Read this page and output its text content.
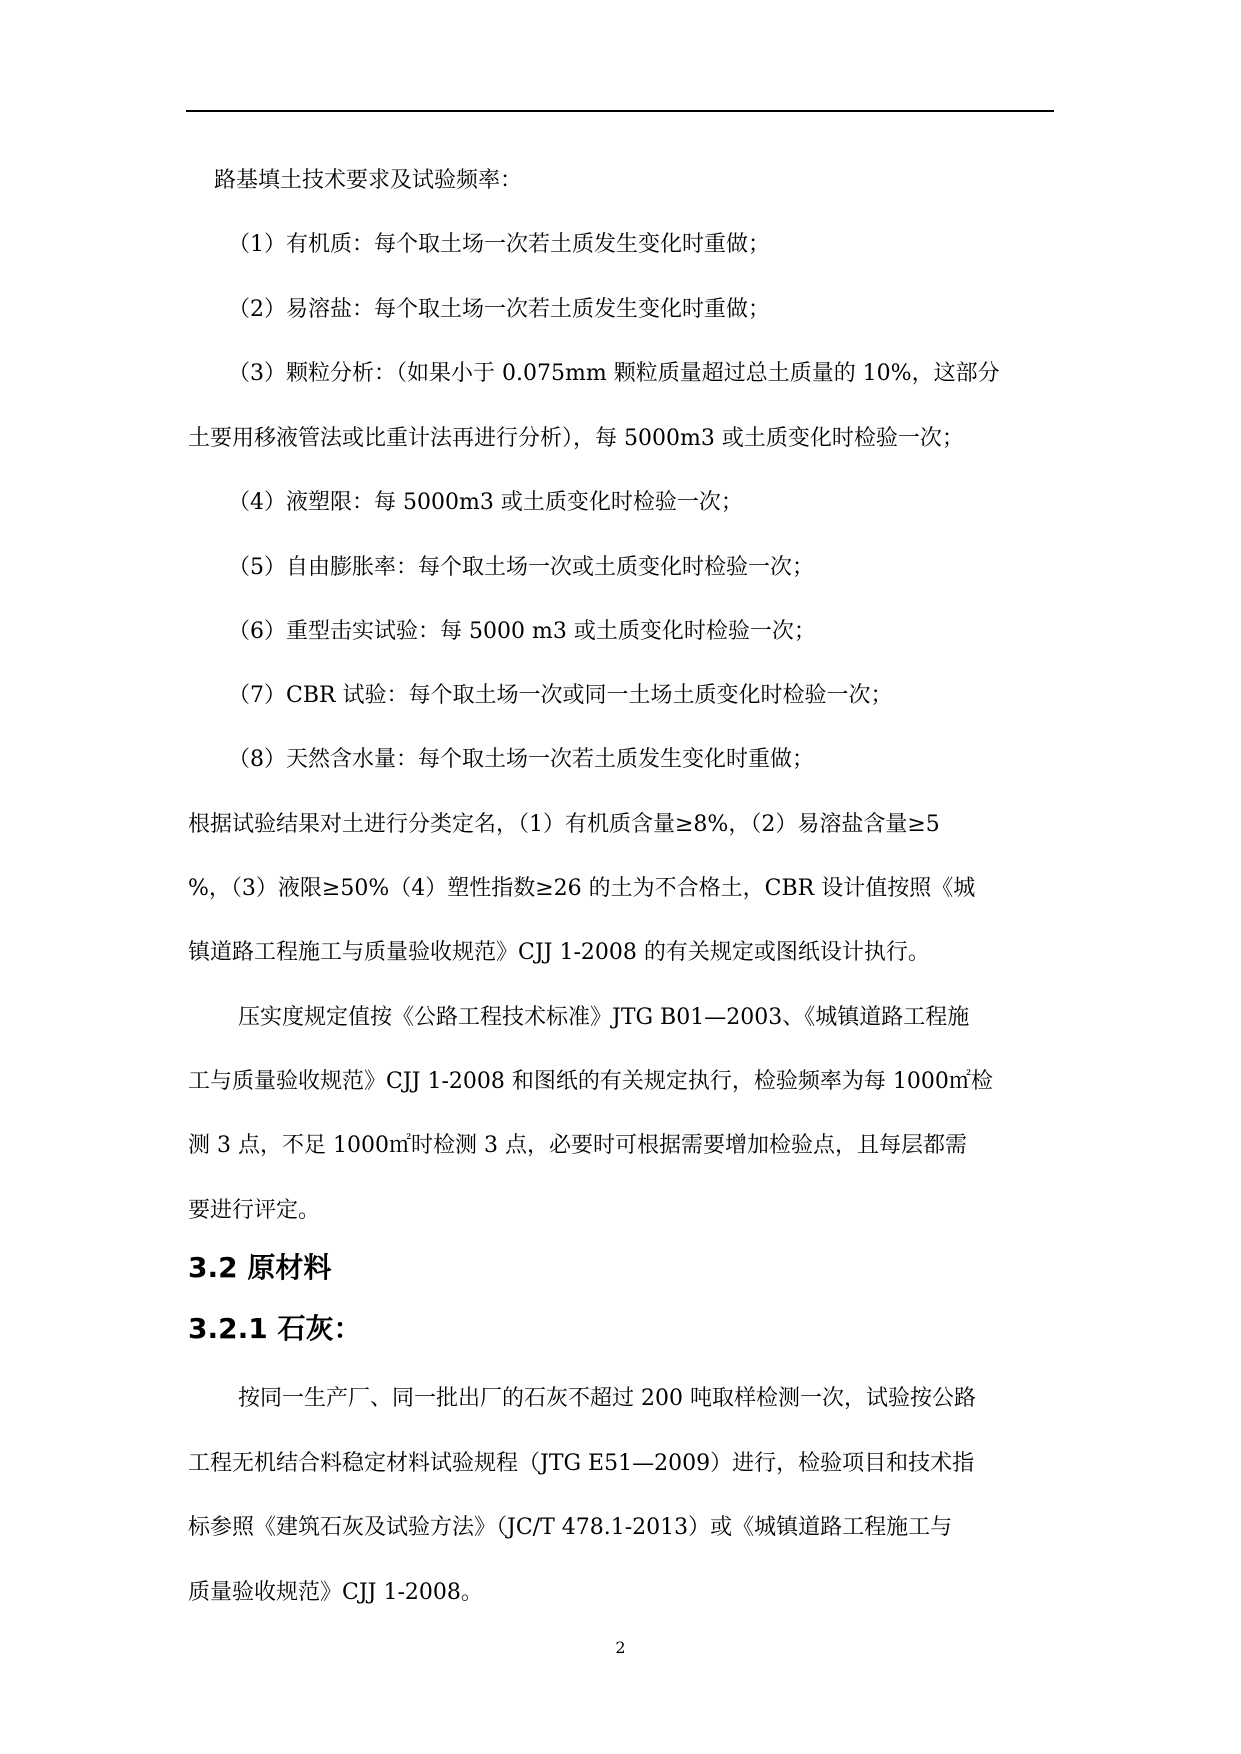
路基填土技术要求及试验频率：
（1）有机质：每个取土场一次若土质发生变化时重做；
（2）易溶盐：每个取土场一次若土质发生变化时重做；
（3）颗粒分析：（如果小于 0.075mm 颗粒质量超过总土质量的 10%，这部分
土要用移液管法或比重计法再进行分析），每 5000m3 或土质变化时检验一次；
（4）液塑限：每 5000m3 或土质变化时检验一次；
（5）自由膨胀率：每个取土场一次或土质变化时检验一次；
（6）重型击实试验：每 5000 m3 或土质变化时检验一次；
（7）CBR 试验：每个取土场一次或同一土场土质变化时检验一次；
（8）天然含水量：每个取土场一次若土质发生变化时重做；
根据试验结果对土进行分类定名，（1）有机质含量≥8%，（2）易溶盐含量≥5
%，（3）液限≥50%（4）塑性指数≥26 的土为不合格土，CBR 设计值按照《城
镇道路工程施工与质量验收规范》CJJ 1-2008 的有关规定或图纸设计执行。
压实度规定值按《公路工程技术标准》JTG B01—2003、《城镇道路工程施
工与质量验收规范》CJJ 1-2008 和图纸的有关规定执行，检验频率为每 1000㎡检
测 3 点，不足 1000㎡时检测 3 点，必要时可根据需要增加检验点，且每层都需
要进行评定。
3.2 原材料
3.2.1 石灰：
按同一生产厂、同一批出厂的石灰不超过 200 吨取样检测一次，试验按公路
工程无机结合料稳定材料试验规程（JTG E51—2009）进行，检验项目和技术指
标参照《建筑石灰及试验方法》（JC/T 478.1-2013）或《城镇道路工程施工与
质量验收规范》CJJ 1-2008。
2
